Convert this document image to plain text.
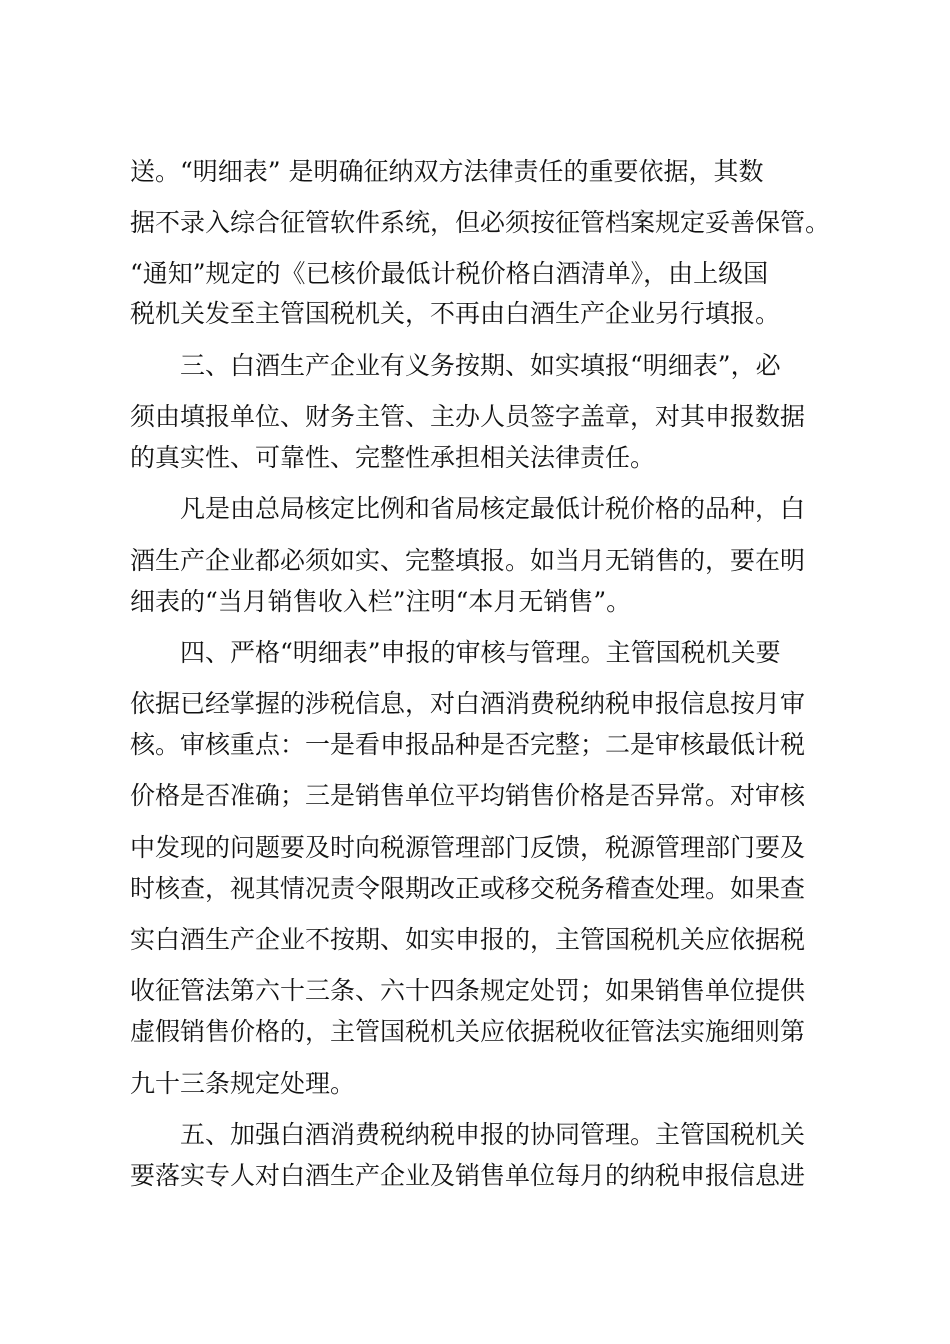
送。“明细表” 是明确征纳双方法律责任的重要依据，其数
据不录入综合征管软件系统，但必须按征管档案规定妥善保管。
“通知”规定的《已核价最低计税价格白酒清单》，由上级国
税机关发至主管国税机关，不再由白酒生产企业另行填报。
三、白酒生产企业有义务按期、如实填报“明细表”，必
须由填报单位、财务主管、主办人员签字盖章，对其申报数据
的真实性、可靠性、完整性承担相关法律责任。
凡是由总局核定比例和省局核定最低计税价格的品种，白
酒生产企业都必须如实、完整填报。如当月无销售的，要在明
细表的“当月销售收入栏”注明“本月无销售”。
四、严格“明细表”申报的审核与管理。主管国税机关要
依据已经掌握的涉税信息，对白酒消费税纳税申报信息按月审
核。审核重点：一是看申报品种是否完整；二是审核最低计税
价格是否准确；三是销售单位平均销售价格是否异常。对审核
中发现的问题要及时向税源管理部门反馈，税源管理部门要及
时核查，视其情况责令限期改正或移交税务稽查处理。如果查
实白酒生产企业不按期、如实申报的，主管国税机关应依据税
收征管法第六十三条、六十四条规定处罚；如果销售单位提供
虚假销售价格的，主管国税机关应依据税收征管法实施细则第
九十三条规定处理。
五、加强白酒消费税纳税申报的协同管理。主管国税机关
要落实专人对白酒生产企业及销售单位每月的纳税申报信息进
